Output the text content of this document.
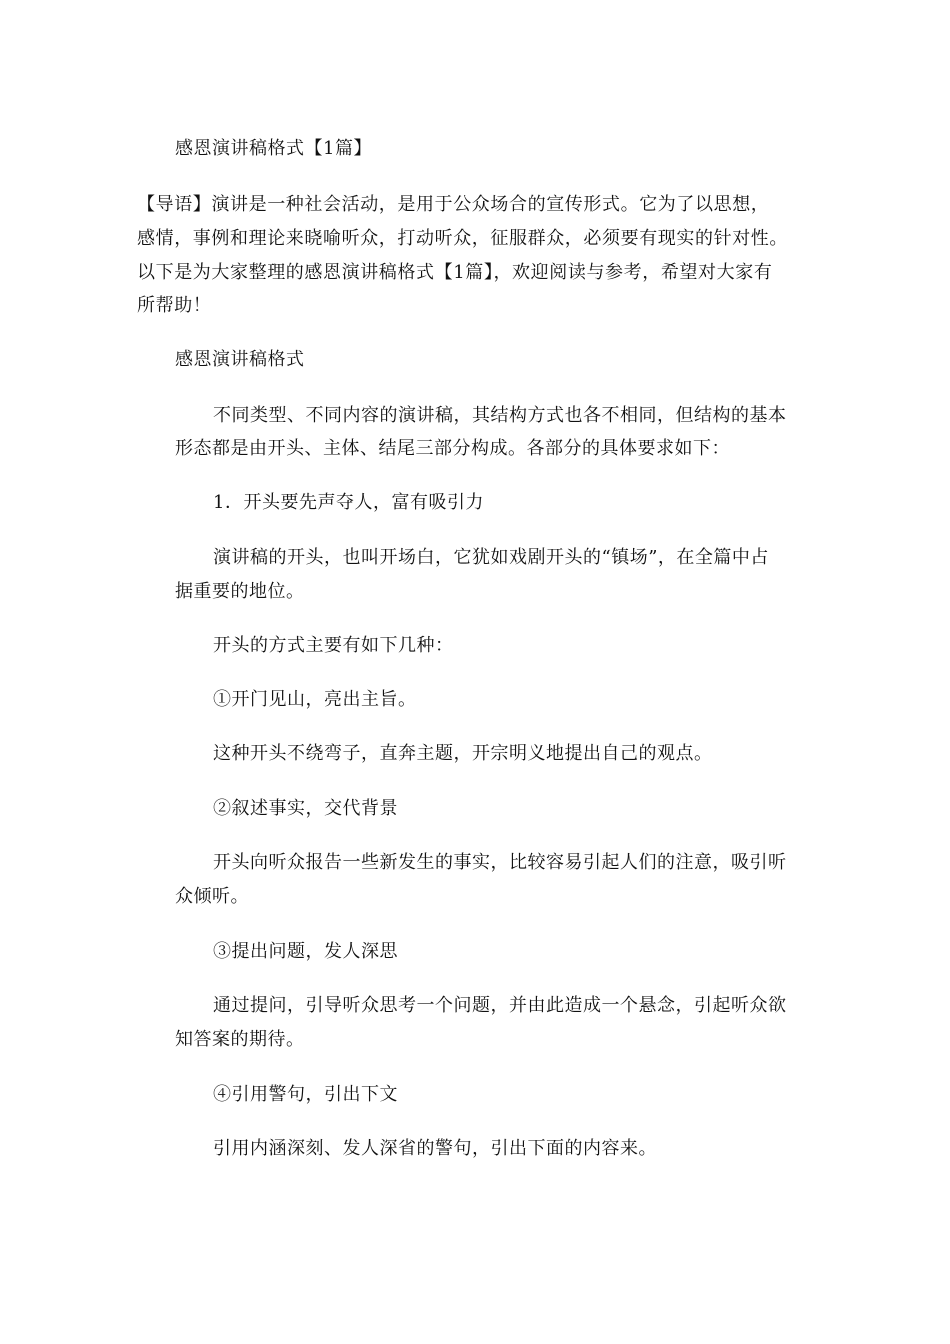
感恩演讲稿格式【1篇】
【导语】演讲是一种社会活动，是用于公众场合的宣传形式。它为了以思想，
感情，事例和理论来晓喻听众，打动听众，征服群众，必须要有现实的针对性。
以下是为大家整理的感恩演讲稿格式【1篇】，欢迎阅读与参考，希望对大家有
所帮助！
感恩演讲稿格式
不同类型、不同内容的演讲稿，其结构方式也各不相同，但结构的基本
形态都是由开头、主体、结尾三部分构成。各部分的具体要求如下：
1．开头要先声夺人，富有吸引力
演讲稿的开头，也叫开场白，它犹如戏剧开头的“镇场”，在全篇中占
据重要的地位。
开头的方式主要有如下几种：
①开门见山，亮出主旨。
这种开头不绕弯子，直奔主题，开宗明义地提出自己的观点。
②叙述事实，交代背景
开头向听众报告一些新发生的事实，比较容易引起人们的注意，吸引听
众倾听。
③提出问题，发人深思
通过提问，引导听众思考一个问题，并由此造成一个悬念，引起听众欲
知答案的期待。
④引用警句，引出下文
引用内涵深刻、发人深省的警句，引出下面的内容来。
